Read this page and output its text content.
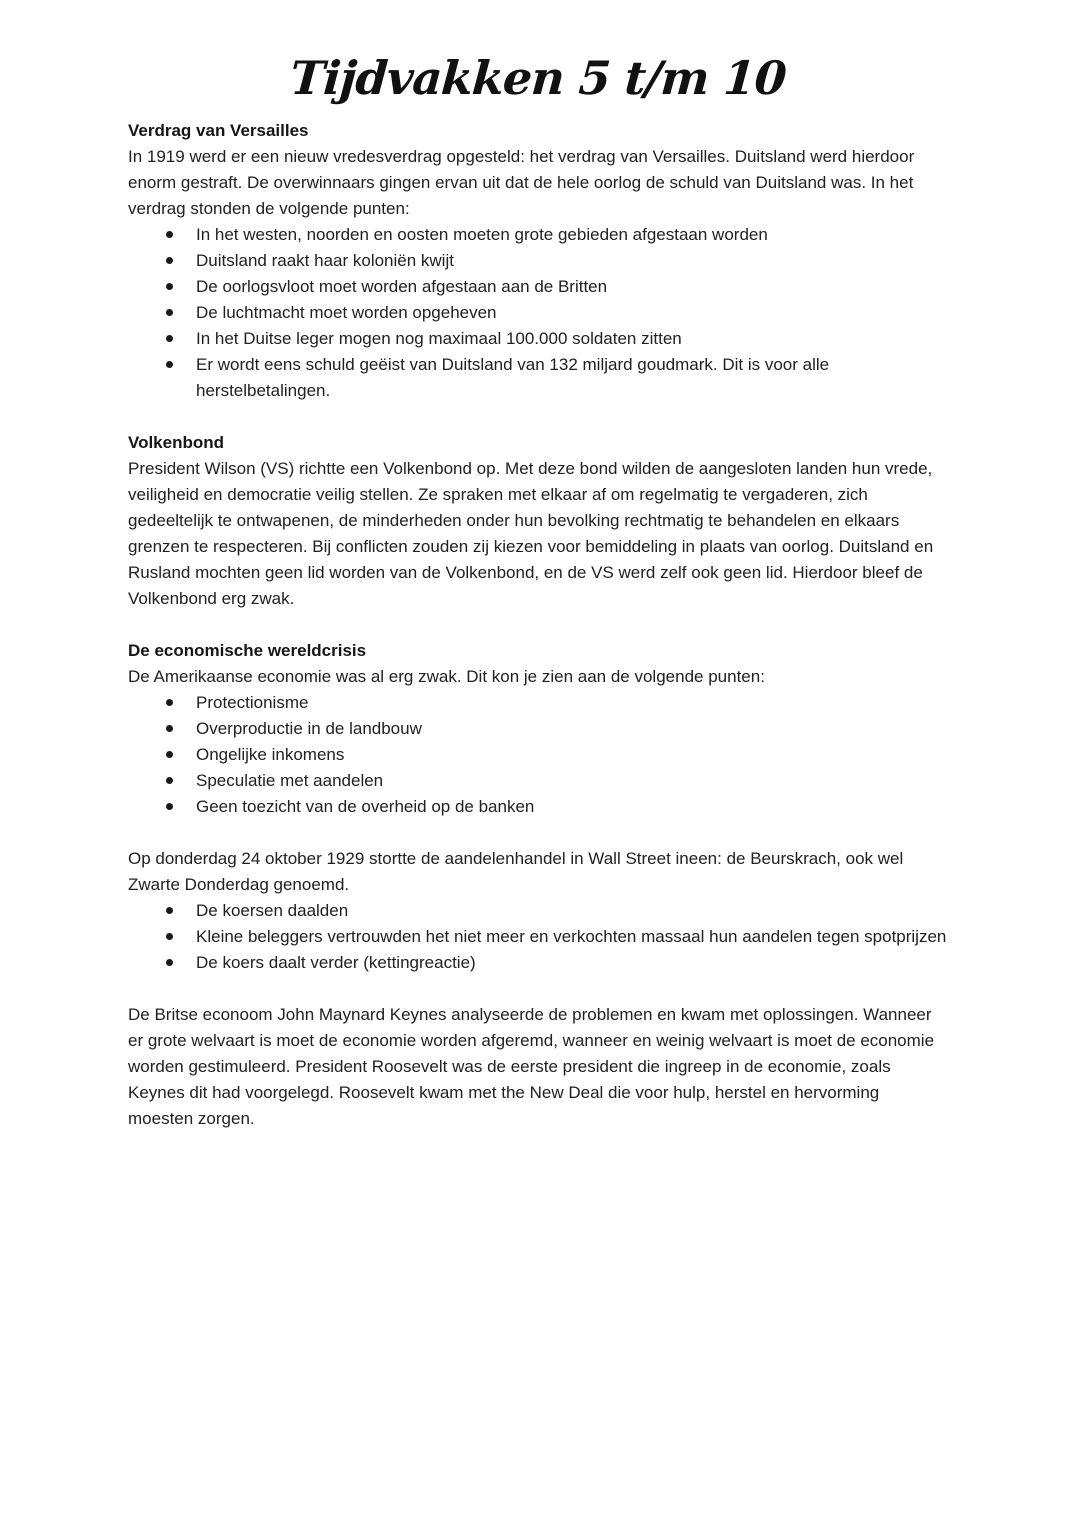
Tijdvakken 5 t/m 10
Verdrag van Versailles

In 1919 werd er een nieuw vredesverdrag opgesteld: het verdrag van Versailles. Duitsland werd hierdoor enorm gestraft. De overwinnaars gingen ervan uit dat de hele oorlog de schuld van Duitsland was. In het verdrag stonden de volgende punten:

In het westen, noorden en oosten moeten grote gebieden afgestaan worden
Duitsland raakt haar koloniën kwijt
De oorlogsvloot moet worden afgestaan aan de Britten
De luchtmacht moet worden opgeheven
In het Duitse leger mogen nog maximaal 100.000 soldaten zitten
Er wordt eens schuld geëist van Duitsland van 132 miljard goudmark. Dit is voor alle herstelbetalingen.
Volkenbond

President Wilson (VS) richtte een Volkenbond op. Met deze bond wilden de aangesloten landen hun vrede, veiligheid en democratie veilig stellen. Ze spraken met elkaar af om regelmatig te vergaderen, zich gedeeltelijk te ontwapenen, de minderheden onder hun bevolking rechtmatig te behandelen en elkaars grenzen te respecteren. Bij conflicten zouden zij kiezen voor bemiddeling in plaats van oorlog. Duitsland en Rusland mochten geen lid worden van de Volkenbond, en de VS werd zelf ook geen lid. Hierdoor bleef de Volkenbond erg zwak.

De economische wereldcrisis

De Amerikaanse economie was al erg zwak. Dit kon je zien aan de volgende punten:

Protectionisme
Overproductie in de landbouw
Ongelijke inkomens
Speculatie met aandelen
Geen toezicht van de overheid op de banken

Op donderdag 24 oktober 1929 stortte de aandelenhandel in Wall Street ineen: de Beurskrach, ook wel Zwarte Donderdag genoemd.

De koersen daalden
Kleine beleggers vertrouwden het niet meer en verkochten massaal hun aandelen tegen spotprijzen
De koers daalt verder (kettingreactie)

De Britse econoom John Maynard Keynes analyseerde de problemen en kwam met oplossingen. Wanneer er grote welvaart is moet de economie worden afgeremd, wanneer en weinig welvaart is moet de economie worden gestimuleerd. President Roosevelt was de eerste president die ingreep in de economie, zoals Keynes dit had voorgelegd. Roosevelt kwam met the New Deal die voor hulp, herstel en hervorming moesten zorgen.
